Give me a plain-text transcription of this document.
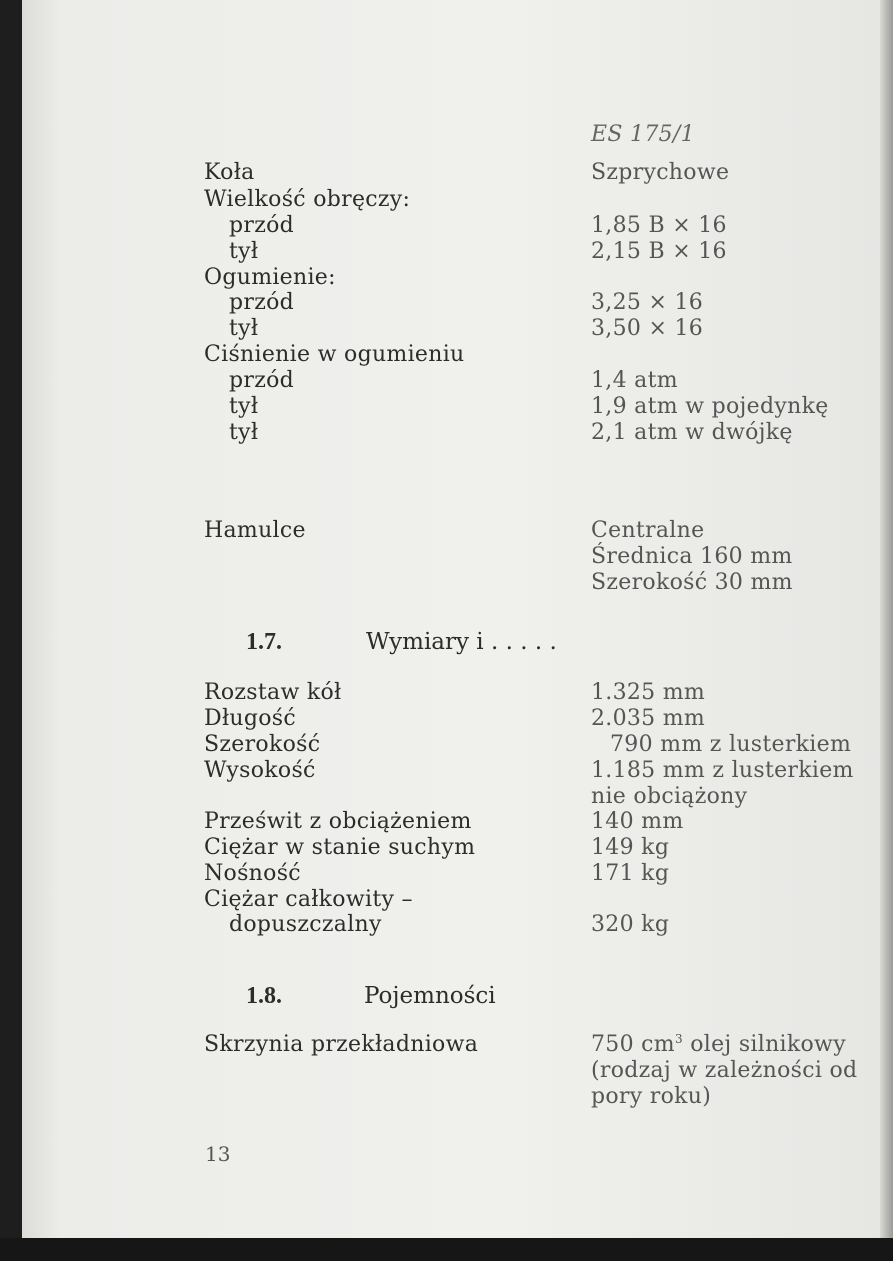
ES 175/1
Koła	Szprychowe
Wielkość obręczy:
przód	1,85 B × 16
tył	2,15 B × 16
Ogumienie:
przód	3,25 × 16
tył	3,50 × 16
Ciśnienie w ogumieniu
przód	1,4 atm
tył	1,9 atm w pojedynkę
tył	2,1 atm w dwójkę
Hamulce	Centralne
Średnica 160 mm
Szerokość 30 mm
1.7.	Wymiary i . . . . .
Rozstaw kół	1.325 mm
Długość	2.035 mm
Szerokość	790 mm z lusterkiem
Wysokość	1.185 mm z lusterkiem
nie obciążony
Prześwit z obciążeniem	140 mm
Ciężar w stanie suchym	149 kg
Nośność	171 kg
Ciężar całkowity –
dopuszczalny	320 kg
1.8.	Pojemności
Skrzynia przekładniowa	750 $cm^3$ olej silnikowy
(rodzaj w zależności od
pory roku)
13
